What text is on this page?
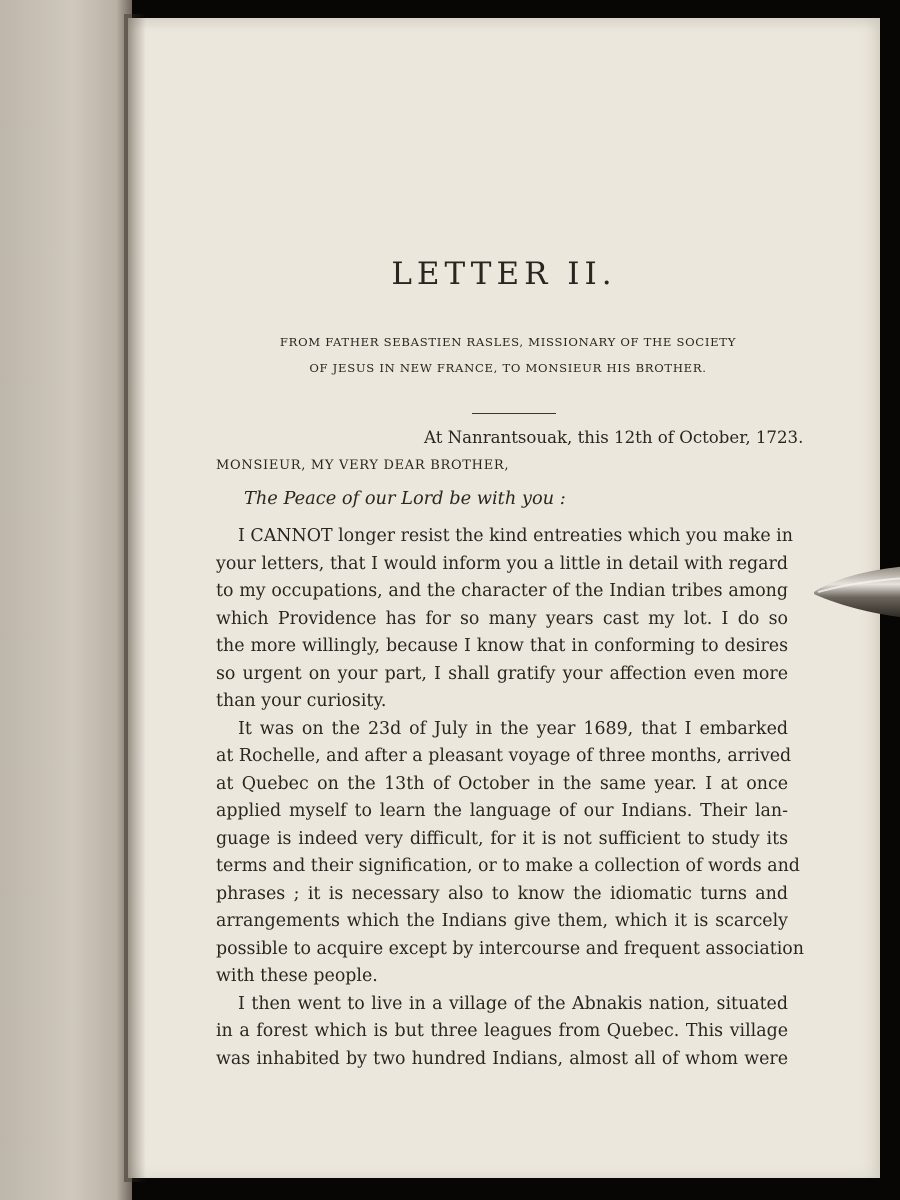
LETTER II.
FROM FATHER SEBASTIEN RASLES, MISSIONARY OF THE SOCIETY
OF JESUS IN NEW FRANCE, TO MONSIEUR HIS BROTHER.
At Nanrantsouak, this 12th of October, 1723.
MONSIEUR, MY VERY DEAR BROTHER,
The Peace of our Lord be with you :
I CANNOT longer resist the kind entreaties which you make in
your letters, that I would inform you a little in detail with regard
to my occupations, and the character of the Indian tribes among
which Providence has for so many years cast my lot. I do so
the more willingly, because I know that in conforming to desires
so urgent on your part, I shall gratify your affection even more
than your curiosity.
It was on the 23d of July in the year 1689, that I embarked
at Rochelle, and after a pleasant voyage of three months, arrived
at Quebec on the 13th of October in the same year. I at once
applied myself to learn the language of our Indians. Their lan-
guage is indeed very difficult, for it is not sufficient to study its
terms and their signification, or to make a collection of words and
phrases ; it is necessary also to know the idiomatic turns and
arrangements which the Indians give them, which it is scarcely
possible to acquire except by intercourse and frequent association
with these people.
I then went to live in a village of the Abnakis nation, situated
in a forest which is but three leagues from Quebec. This village
was inhabited by two hundred Indians, almost all of whom were
